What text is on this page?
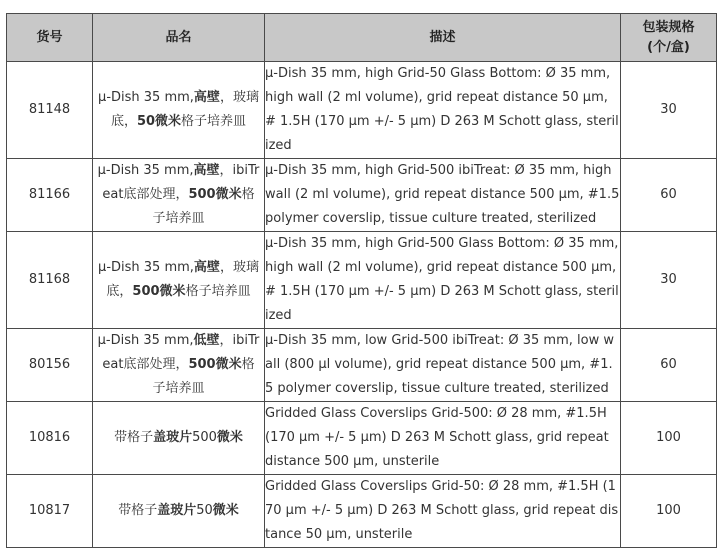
货号	品名	描述	包装规格
(个/盒)

81148	µ-Dish 35 mm,高壁，玻璃
底，50微米格子培养皿	µ-Dish 35 mm, high Grid-50 Glass Bottom: Ø 35 mm, high wall (2 ml volume), grid repeat distance 50 µm, # 1.5H (170 µm +/- 5 µm) D 263 M Schott glass, sterilized	30
81166	µ-Dish 35 mm,高壁，ibiTr
eat底部处理，500微米格
子培养皿	µ-Dish 35 mm, high Grid-500 ibiTreat: Ø 35 mm, high wall (2 ml volume), grid repeat distance 500 µm, #1.5 polymer coverslip, tissue culture treated, sterilized	60
81168	µ-Dish 35 mm,高壁，玻璃
底，500微米格子培养皿	µ-Dish 35 mm, high Grid-500 Glass Bottom: Ø 35 mm, high wall (2 ml volume), grid repeat distance 500 µm, # 1.5H (170 µm +/- 5 µm) D 263 M Schott glass, sterilized	30
80156	µ-Dish 35 mm,低壁，ibiTr
eat底部处理，500微米格
子培养皿	µ-Dish 35 mm, low Grid-500 ibiTreat: Ø 35 mm, low wall (800 µl volume), grid repeat distance 500 µm, #1.5 polymer coverslip, tissue culture treated, sterilized	60
10816	带格子盖玻片500微米	Gridded Glass Coverslips Grid-500: Ø 28 mm, #1.5H (170 µm +/- 5 µm) D 263 M Schott glass, grid repeat distance 500 µm, unsterile	100
10817	带格子盖玻片50微米	Gridded Glass Coverslips Grid-50: Ø 28 mm, #1.5H (170 µm +/- 5 µm) D 263 M Schott glass, grid repeat distance 50 µm, unsterile	100
